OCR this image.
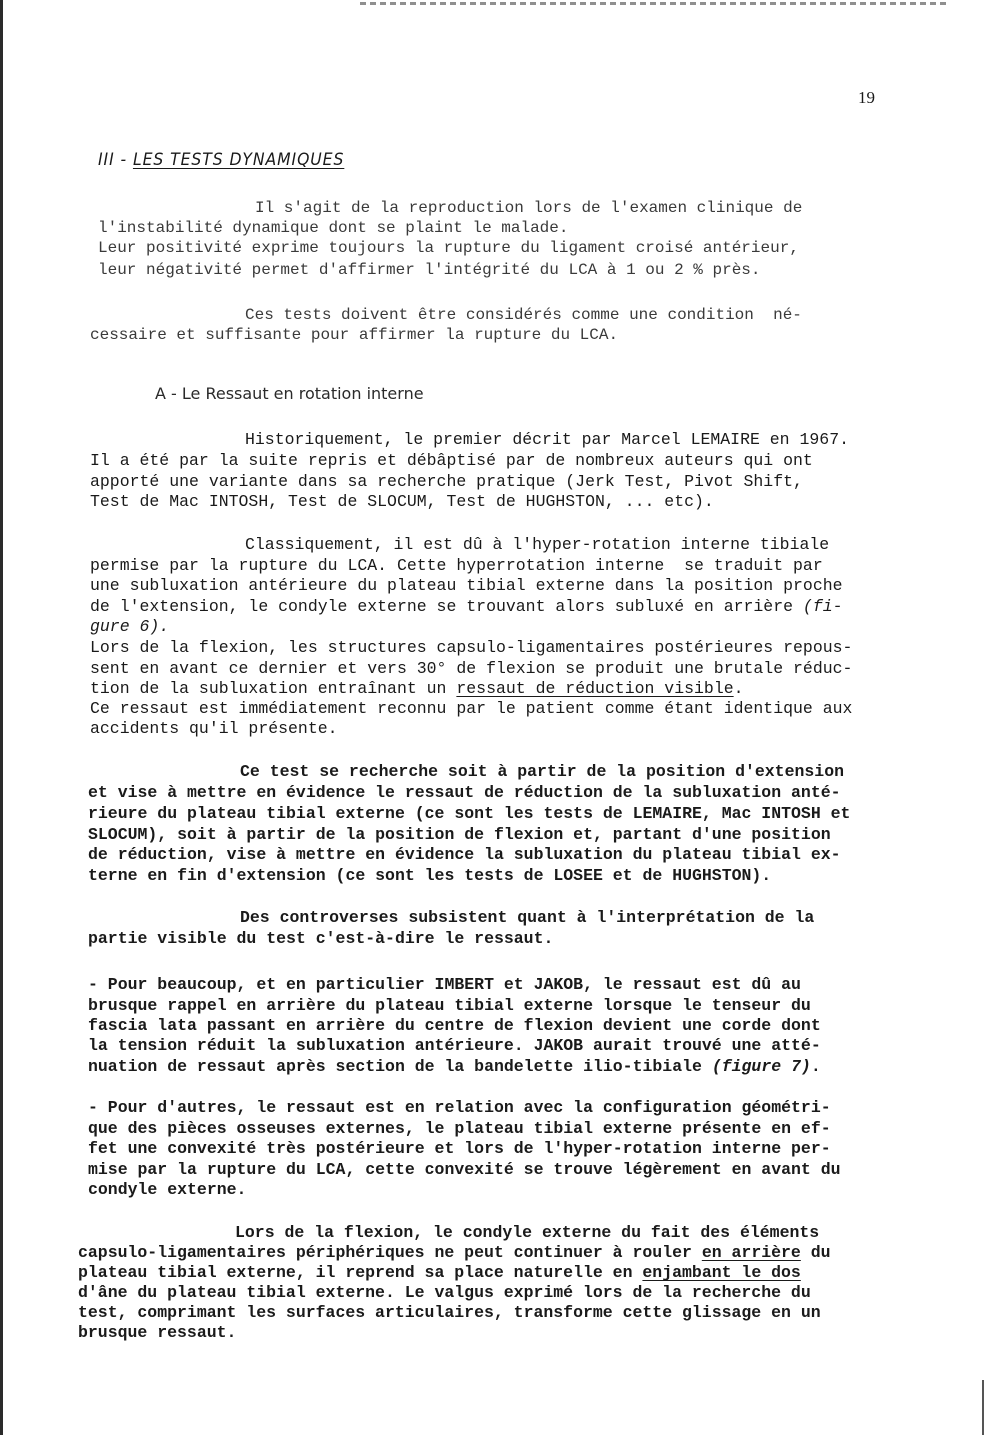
19
III - LES TESTS DYNAMIQUES
Il s'agit de la reproduction lors de l'examen clinique de
l'instabilité dynamique dont se plaint le malade.
Leur positivité exprime toujours la rupture du ligament croisé antérieur,
leur négativité permet d'affirmer l'intégrité du LCA à 1 ou 2 % près.
Ces tests doivent être considérés comme une condition  né-
cessaire et suffisante pour affirmer la rupture du LCA.
A - Le Ressaut en rotation interne
Historiquement, le premier décrit par Marcel LEMAIRE en 1967.
Il a été par la suite repris et débâptisé par de nombreux auteurs qui ont
apporté une variante dans sa recherche pratique (Jerk Test, Pivot Shift,
Test de Mac INTOSH, Test de SLOCUM, Test de HUGHSTON, ... etc).
Classiquement, il est dû à l'hyper-rotation interne tibiale
permise par la rupture du LCA. Cette hyperrotation interne  se traduit par
une subluxation antérieure du plateau tibial externe dans la position proche
de l'extension, le condyle externe se trouvant alors subluxé en arrière (fi-
gure 6).
Lors de la flexion, les structures capsulo-ligamentaires postérieures repous-
sent en avant ce dernier et vers 30° de flexion se produit une brutale réduc-
tion de la subluxation entraînant un ressaut de réduction visible.
Ce ressaut est immédiatement reconnu par le patient comme étant identique aux
accidents qu'il présente.
Ce test se recherche soit à partir de la position d'extension
et vise à mettre en évidence le ressaut de réduction de la subluxation anté-
rieure du plateau tibial externe (ce sont les tests de LEMAIRE, Mac INTOSH et
SLOCUM), soit à partir de la position de flexion et, partant d'une position
de réduction, vise à mettre en évidence la subluxation du plateau tibial ex-
terne en fin d'extension (ce sont les tests de LOSEE et de HUGHSTON).
Des controverses subsistent quant à l'interprétation de la
partie visible du test c'est-à-dire le ressaut.
- Pour beaucoup, et en particulier IMBERT et JAKOB, le ressaut est dû au
brusque rappel en arrière du plateau tibial externe lorsque le tenseur du
fascia lata passant en arrière du centre de flexion devient une corde dont
la tension réduit la subluxation antérieure. JAKOB aurait trouvé une atté-
nuation de ressaut après section de la bandelette ilio-tibiale (figure 7).
- Pour d'autres, le ressaut est en relation avec la configuration géométri-
que des pièces osseuses externes, le plateau tibial externe présente en ef-
fet une convexité très postérieure et lors de l'hyper-rotation interne per-
mise par la rupture du LCA, cette convexité se trouve légèrement en avant du
condyle externe.
Lors de la flexion, le condyle externe du fait des éléments
capsulo-ligamentaires périphériques ne peut continuer à rouler en arrière du
plateau tibial externe, il reprend sa place naturelle en enjambant le dos
d'âne du plateau tibial externe. Le valgus exprimé lors de la recherche du
test, comprimant les surfaces articulaires, transforme cette glissage en un
brusque ressaut.
